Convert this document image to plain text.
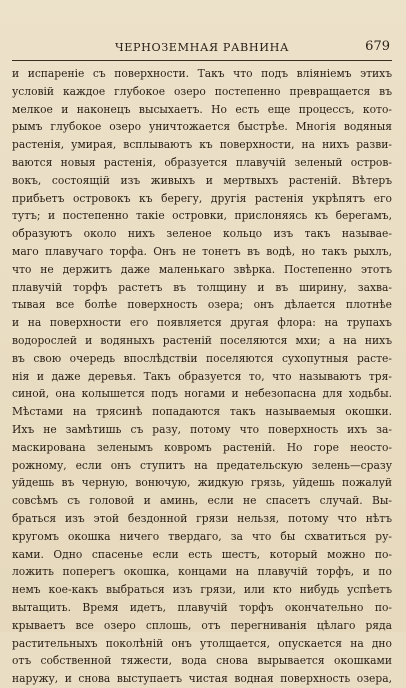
ЧЕРНОЗЕМНАЯ РАВНИНА	679
и испареніе съ поверхности. Такъ что подъ вліяніемъ этихъ
условій каждое глубокое озеро постепенно превращается въ
мелкое и наконецъ высыхаетъ. Но есть еще процессъ, кото-
рымъ глубокое озеро уничтожается быстрѣе. Многія водяныя
растенія, умирая, всплываютъ къ поверхности, на нихъ разви-
ваются новыя растенія, образуется плавучій зеленый остров-
вокъ, состоящій изъ живыхъ и мертвыхъ растеній. Вѣтеръ
прибьетъ островокъ къ берегу, другія растенія укрѣпятъ его
тутъ; и постепенно такіе островки, прислоняясь къ берегамъ,
образуютъ около нихъ зеленое кольцо изъ такъ называе-
маго плавучаго торфа. Онъ не тонетъ въ водѣ, но такъ рыхлъ,
что не держитъ даже маленькаго звѣрка. Постепенно этотъ
плавучій торфъ растетъ въ толщину и въ ширину, захва-
тывая все болѣе поверхность озера; онъ дѣлается плотнѣе
и на поверхности его появляется другая флора: на трупахъ
водорослей и водяныхъ растеній поселяются мхи; а на нихъ
въ свою очередь впослѣдствіи поселяются сухопутныя расте-
нія и даже деревья. Такъ образуется то, что называютъ тря-
синой, она колышется подъ ногами и небезопасна для ходьбы.
Мѣстами на трясинѣ попадаются такъ называемыя окошки.
Ихъ не замѣтишь съ разу, потому что поверхность ихъ за-
маскирована зеленымъ ковромъ растеній. Но горе неосто-
рожному, если онъ ступитъ на предательскую зелень—сразу
уйдешь въ черную, вонючую, жидкую грязь, уйдешь пожалуй
совсѣмъ съ головой и аминь, если не спасетъ случай. Вы-
браться изъ этой бездонной грязи нельзя, потому что нѣтъ
кругомъ окошка ничего твердаго, за что бы схватиться ру-
ками. Одно спасенье если есть шестъ, который можно по-
ложить поперегъ окошка, концами на плавучій торфъ, и по
немъ кое-какъ выбраться изъ грязи, или кто нибудь успѣетъ
вытащить. Время идетъ, плавучій торфъ окончательно по-
крываетъ все озеро сплошь, отъ перегниванія цѣлаго ряда
растительныхъ поколѣній онъ утолщается, опускается на дно
отъ собственной тяжести, вода снова вырывается окошками
наружу, и снова выступаетъ чистая водная поверхность озера,
